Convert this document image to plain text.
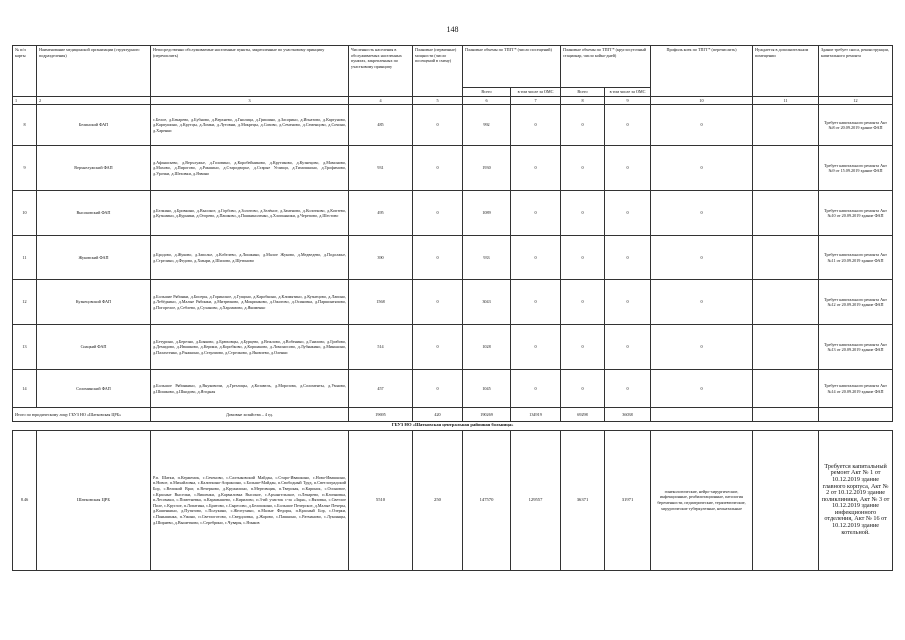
148
№ п/п карты	Наименование медицинской организации (структурного подразделения)	Непосредственно обслуживаемые населенные пункты, закрепленные по участковому принципу (перечислить)	Численность населения в обслуживаемых населенных пунктах, закрепленных по участковому принципу	Плановые (первичные) мощности (число посещений в смену)	Плановые объемы по ТПГГ* (число посещений)		Плановые объемы по ТПГГ* (круглосуточный стационар, число койко-дней)		Профиль коек по ТПГГ* (перечислить)	Нуждается в дополнительном помещении	Здание требует сноса, реконструкции, капитального ремонта
					Всего	в том числе за ОМС	Всего	в том числе за ОМС			
1	2	3	4	5	6	7	8	9	10	11	12
8	Белинский ФАП	с.Белое, д.Бекарево, д.Бубново, д.Верхнево, д.Гнилица, д.Гришино, д.Засорино, д.Игнатово, д.Картуново, д.Карпушино, д.Крутцы, д.Ломки, д.Лутовни, д.Мокрецы, д.Сизово, д.Семеново, д.Семенцово, д.Сочино, д.Харенки	485	0	992	0	0	0	0		Требует капитального ремонта Акт №8 от 20.09.2019 здание ФАП
9	Верхнелужский ФАП	д.Афанасьево, д.Верхлужье, д.Головино, д.Коробейниково, д.Крутиково, д.Кузнецово, д.Мамоново, д.Махово, д.Пирогово, д.Ракшино, д.Стародворье, д.Старые Углищи, д.Тимошкино, д.Трофимово, д.Урочки, д.Шеховки, д.Язвино	931	0	1930	0	0	0	0		Требует капитального ремонта Акт №9 от 15.09.2019 здание ФАП
10	Высоковский ФАП	д.Белкино, д.Бровкино, д.Высокое, д.Горбово, д.Золотово, д.Зелёное, д.Заменово, д.Колотково, д.Коптево, д.Кузьмино, д.Курники, д.Огорево, д.Пашково, д.Пашкиноленко, д.Хлопьяники, д.Черепово, д.Шестово	495	0	1089	0	0	0	0		Требует капитального ремонта Акт №10 от 20.09.2019 здание ФАП
11	Жуковский ФАП	д.Бродово, д.Жуково, д.Заполье, д.Кобелево, д.Лишкино, д.Малое Жуково, д.Медведево, д.Подолжье, д.Стрелино, д.Федово, д.Хмыри, д.Шилово, д.Щетиново	390	0	933	0	0	0	0		Требует капитального ремонта Акт №11 от 20.09.2019 здание ФАП
12	Кузнецовский ФАП	д.Большие Рябинки, д.Бисеры, д.Горинское, д.Гущино, д.Каробкино, д.Климятино, д.Кузнецово, д.Лапино, д.Лебёдкино, д.Малые Рябинки, д.Митрюково, д.Мокринково, д.Ожогово, д.Осиновка, д.Паршинтяпово, д.Погорелое, д.Себлево, д.Суханово, д.Харламово, д.Якименко	1568	0	3043	0	0	0	0		Требует капитального ремонта Акт №12 от 20.09.2019 здание ФАП
13	Сиацкий ФАП	д.Бетурино, д.Березно, д.Бояково, д.Брюховцы, д.Бурцево, д.Вежлово, д.Вобенино, д.Гнилово, д.Грибово, д.Демидово, д.Ивашково, д.Керики, д.Коробково, д.Коршаково, д.Ломоносово, д.Лубянкино, д.Минькино, д.Палахтенко, д.Рыжкино, д.Стерлиово, д.Стрелково, д.Яковлево, д.Оленки	514	0	1028	0	0	0	0		Требует капитального ремонта Акт №13 от 20.09.2019 здание ФАП
14	Соломинский ФАП	д.Большое Рябинкино, д.Внуковичи, д.Грезлицы, д.Козавель, д.Морозова, д.Соломенты, д.Умново, д.Шишково, д.Шкодово, д.Ягодная	457	0	1045	0	0	0	0		Требует капитального ремонта Акт №14 от 20.09.2019 здание ФАП
Итого по юридическому лицу ГБУЗ НО «Шатковская ЦРБ»		Домовые хозяйства – 4 ед.	19695	420	190269	134919	69298	36038			
ГБУЗ НО «Шатковская центральная районная больница»
8.46	Шатковская ЦРБ	Р.п. Шатки, п.Кержемок, с.Сеченово, с.Салтыковский Майдан, с.Старо-Ивашкино, с.Ново-Ивашкино, п.Новое, п.Михайловка, с.Калиткино-Апраксино, с.Больше-Майдан, п.Свободный Труд, п.Светлоградский Бор, с.Великий Враг, п.Вечерково, д.Кружилино, п.Мертовщик, п.Тверская, п.Каринск, с.Осиновое, с.Красные Выселки, с.Вишенки, д.Кармаловка Высокое, с.Архангельское, п.Лекарево, п.Кличновка, п.Лесомаки, с.Пометневка, п.Карамышево, с.Кирилово, п.3-ий участок с-за «Заря», с.Вязовка, с.Светлое Поле, с.Круглое, п.Лопатина, с.Бритово, с.Сыресово, д.Белошкино, с.Большое Печерское, д.Малые Печеры, д.Кашенкино, д.Путятово, с.Полукино, с.Желтухино, п.Малые Федоры, п.Красный Бор, с.Озерки, с.Паньшинка, п.Ужино, п.Светлоготово, с.Свердловка, д.Жарово, с.Пашкино, с.Ратманово, с.Лукоянцы, д.Ширяево, д.Вышетково, с.Серебрино, с.Чувары, с.Языков	5510	250	147570	129557	36371	31971	гинекологические, нейро-хирургические, инфекционные, реабилитационные, патология беременности, педиатрические, терапевтические, хирургические туберкулезные, неонатальные		Требуется капитальный ремонт Акт № 1 от 10.12.2019 здание главного корпуса, Акт № 2 от 10.12.2019 здание поликлиники, Акт № 3 от 10.12.2019 здание инфекционного отделения, Акт № 16 от 10.12.2019 здание котельной.
